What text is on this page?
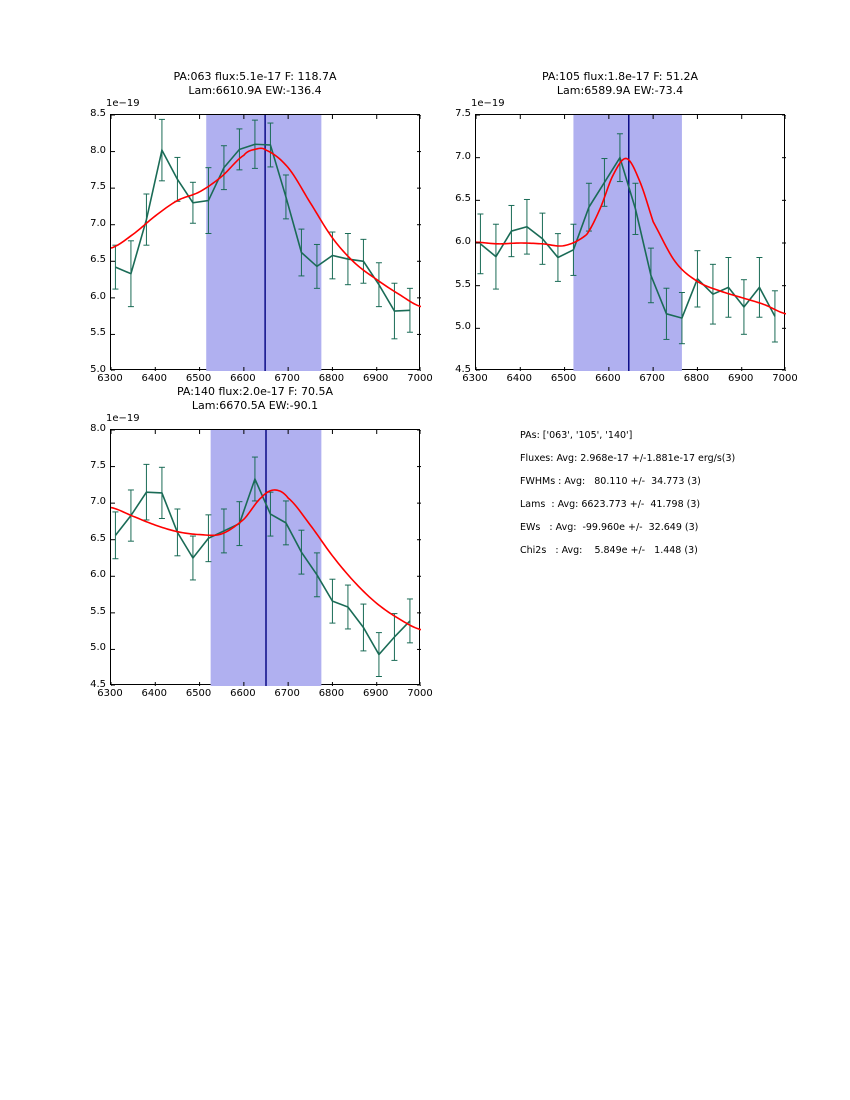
PA:063 flux:5.1e-17 F: 118.7A
Lam:6610.9A EW:-136.4
1e−19
6300	6400	6500	6600	6700	6800	6900	7000
5.0
5.5
6.0
6.5
7.0
7.5
8.0
8.5
PA:105 flux:1.8e-17 F: 51.2A
Lam:6589.9A EW:-73.4
1e−19
6300	6400	6500	6600	6700	6800	6900	7000
4.5
5.0
5.5
6.0
6.5
7.0
7.5
PA:140 flux:2.0e-17 F: 70.5A
Lam:6670.5A EW:-90.1
1e−19
6300	6400	6500	6600	6700	6800	6900	7000
4.5
5.0
5.5
6.0
6.5
7.0
7.5
8.0
PAs: ['063', '105', '140']
Fluxes: Avg: 2.968e-17 +/-1.881e-17 erg/s(3)
FWHMs : Avg:   80.110 +/-  34.773 (3)
Lams  : Avg: 6623.773 +/-  41.798 (3)
EWs   : Avg:  -99.960e +/-  32.649 (3)
Chi2s   : Avg:    5.849e +/-   1.448 (3)
